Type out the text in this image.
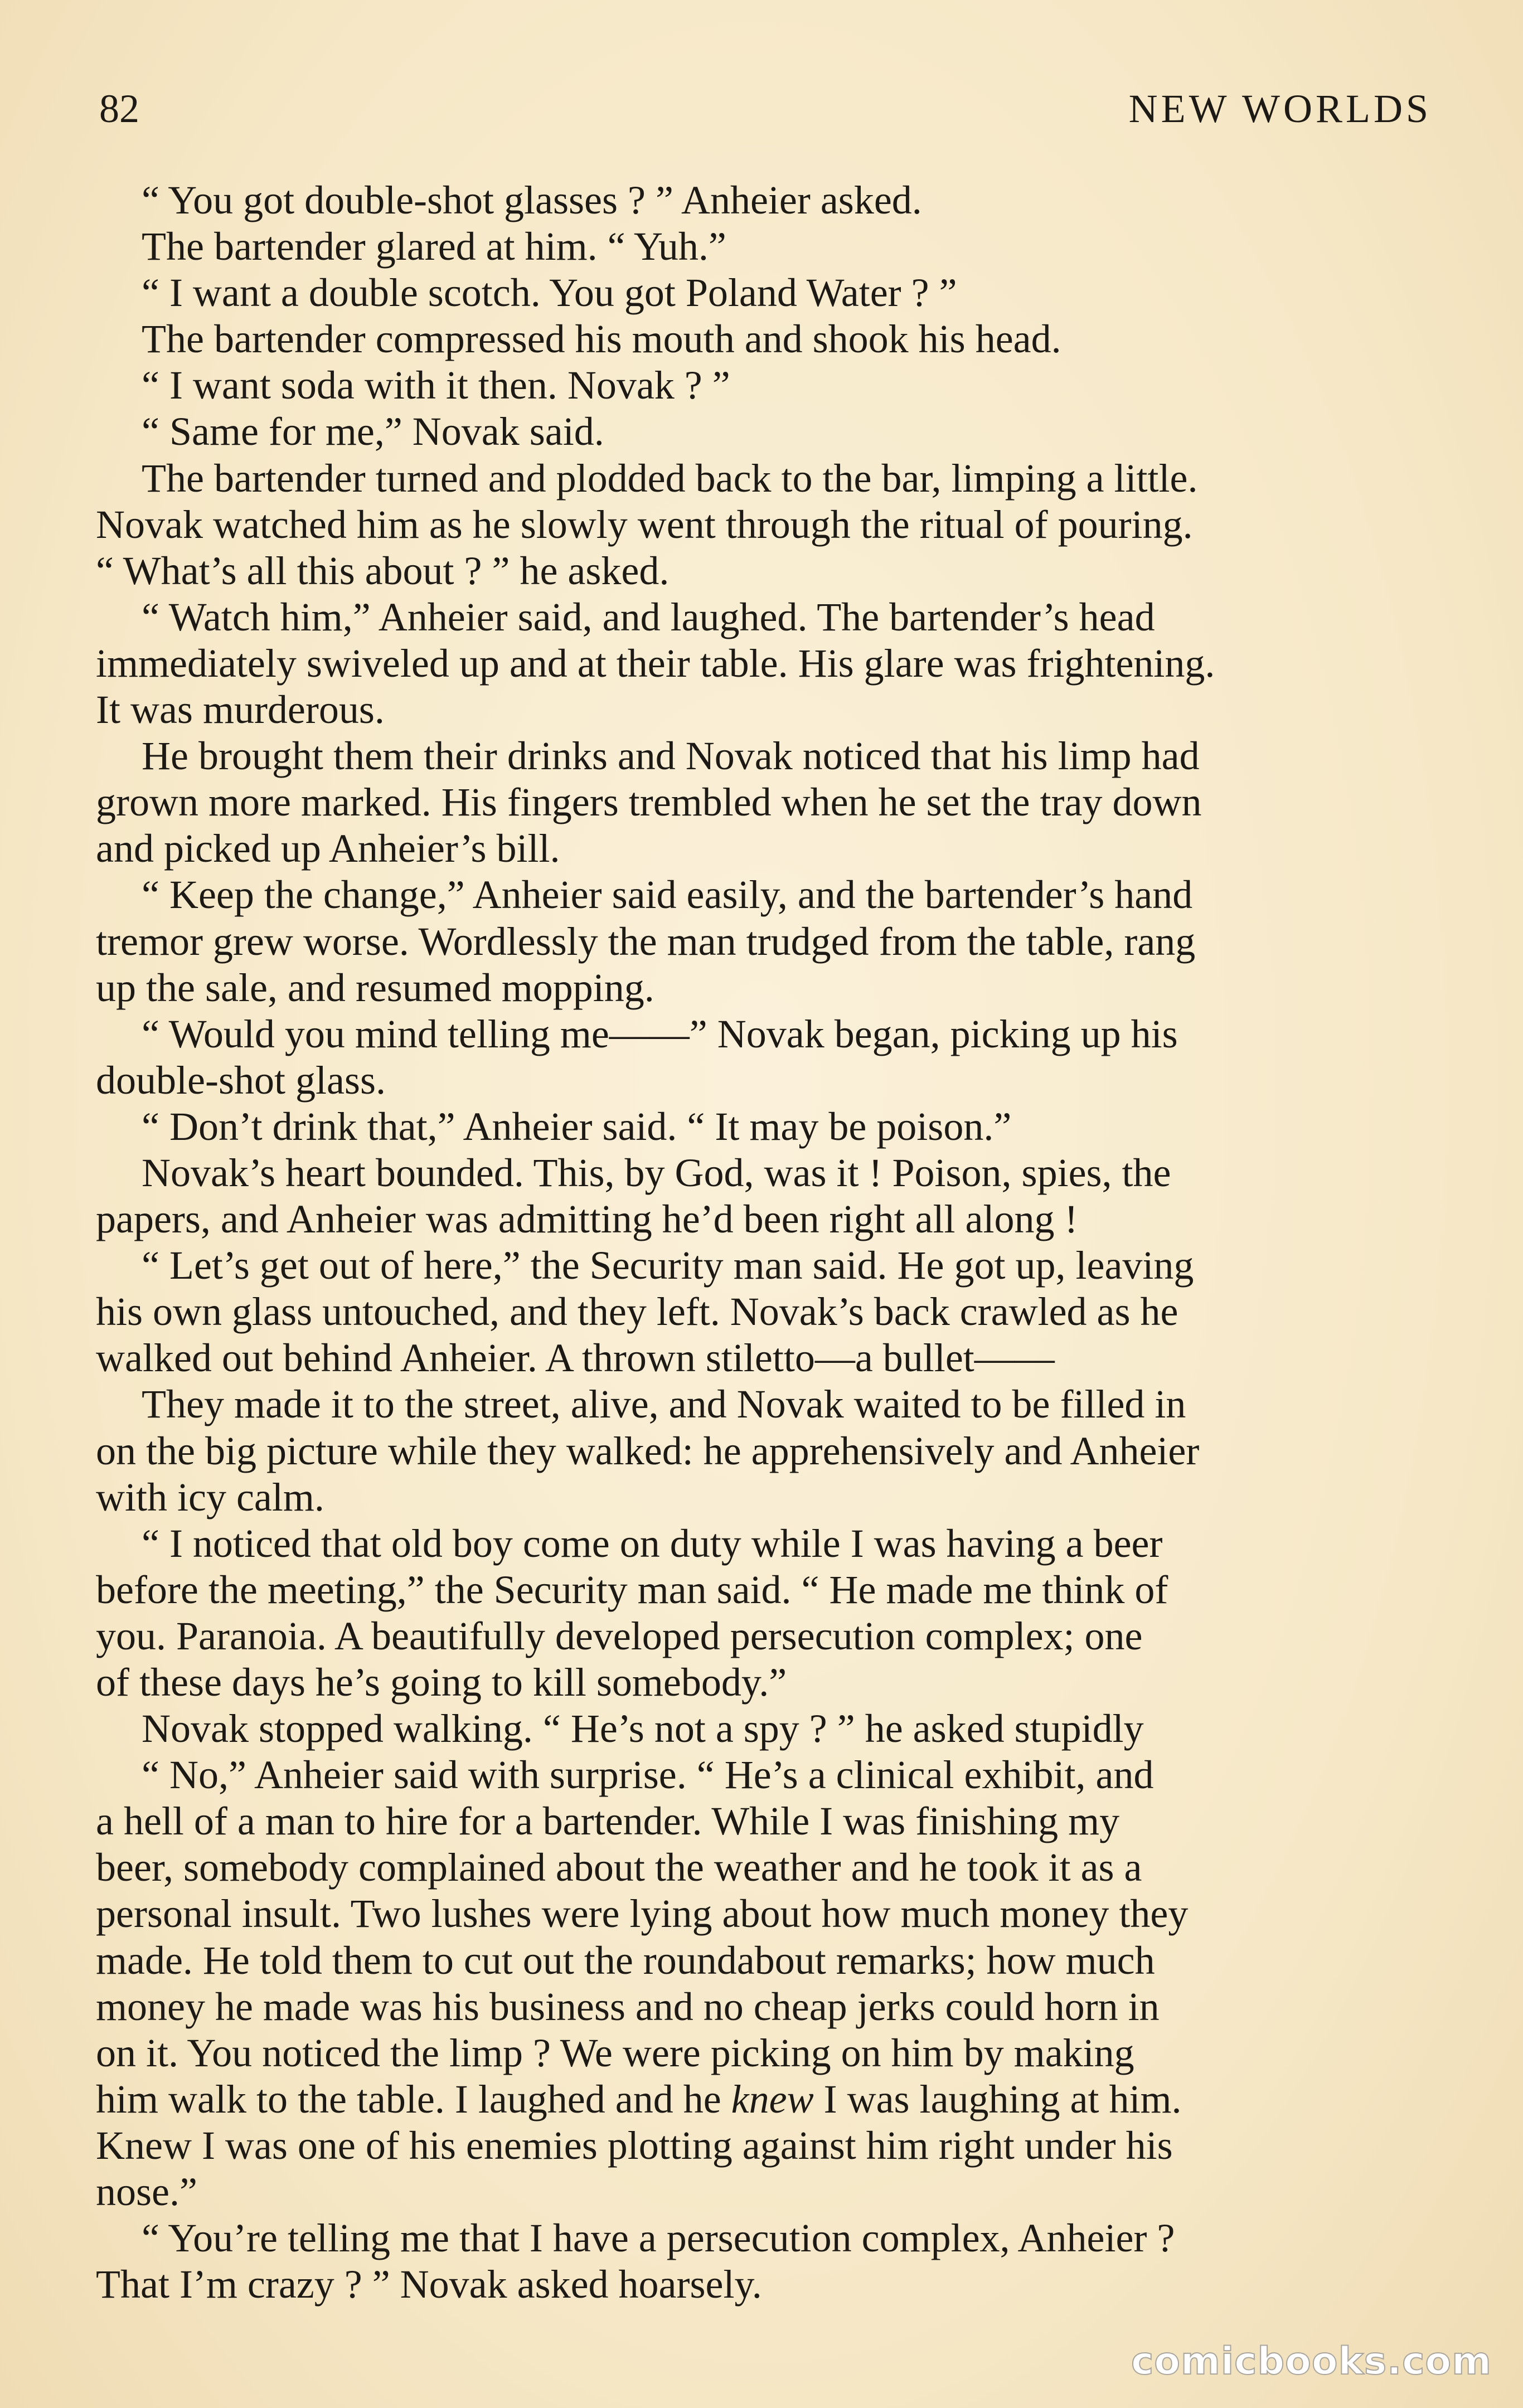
82	NEW WORLDS

“ You got double-shot glasses ? ” Anheier asked.

The bartender glared at him. “ Yuh.”

“ I want a double scotch. You got Poland Water ? ”

The bartender compressed his mouth and shook his head.

“ I want soda with it then. Novak ? ”

“ Same for me,” Novak said.

The bartender turned and plodded back to the bar, limping a little.
Novak watched him as he slowly went through the ritual of pouring.
“ What’s all this about ? ” he asked.

“ Watch him,” Anheier said, and laughed. The bartender’s head
immediately swiveled up and at their table. His glare was frightening.
It was murderous.

He brought them their drinks and Novak noticed that his limp had
grown more marked. His fingers trembled when he set the tray down
and picked up Anheier’s bill.

“ Keep the change,” Anheier said easily, and the bartender’s hand
tremor grew worse. Wordlessly the man trudged from the table, rang
up the sale, and resumed mopping.

“ Would you mind telling me——” Novak began, picking up his
double-shot glass.

“ Don’t drink that,” Anheier said. “ It may be poison.”

Novak’s heart bounded. This, by God, was it ! Poison, spies, the
papers, and Anheier was admitting he’d been right all along !

“ Let’s get out of here,” the Security man said. He got up, leaving
his own glass untouched, and they left. Novak’s back crawled as he
walked out behind Anheier. A thrown stiletto—a bullet——

They made it to the street, alive, and Novak waited to be filled in
on the big picture while they walked: he apprehensively and Anheier
with icy calm.

“ I noticed that old boy come on duty while I was having a beer
before the meeting,” the Security man said. “ He made me think of
you. Paranoia. A beautifully developed persecution complex; one
of these days he’s going to kill somebody.”

Novak stopped walking. “ He’s not a spy ? ” he asked stupidly

“ No,” Anheier said with surprise. “ He’s a clinical exhibit, and
a hell of a man to hire for a bartender. While I was finishing my
beer, somebody complained about the weather and he took it as a
personal insult. Two lushes were lying about how much money they
made. He told them to cut out the roundabout remarks; how much
money he made was his business and no cheap jerks could horn in
on it. You noticed the limp ? We were picking on him by making
him walk to the table. I laughed and he knew I was laughing at him.
Knew I was one of his enemies plotting against him right under his
nose.”

“ You’re telling me that I have a persecution complex, Anheier ?
That I’m crazy ? ” Novak asked hoarsely.

comicbooks.com
